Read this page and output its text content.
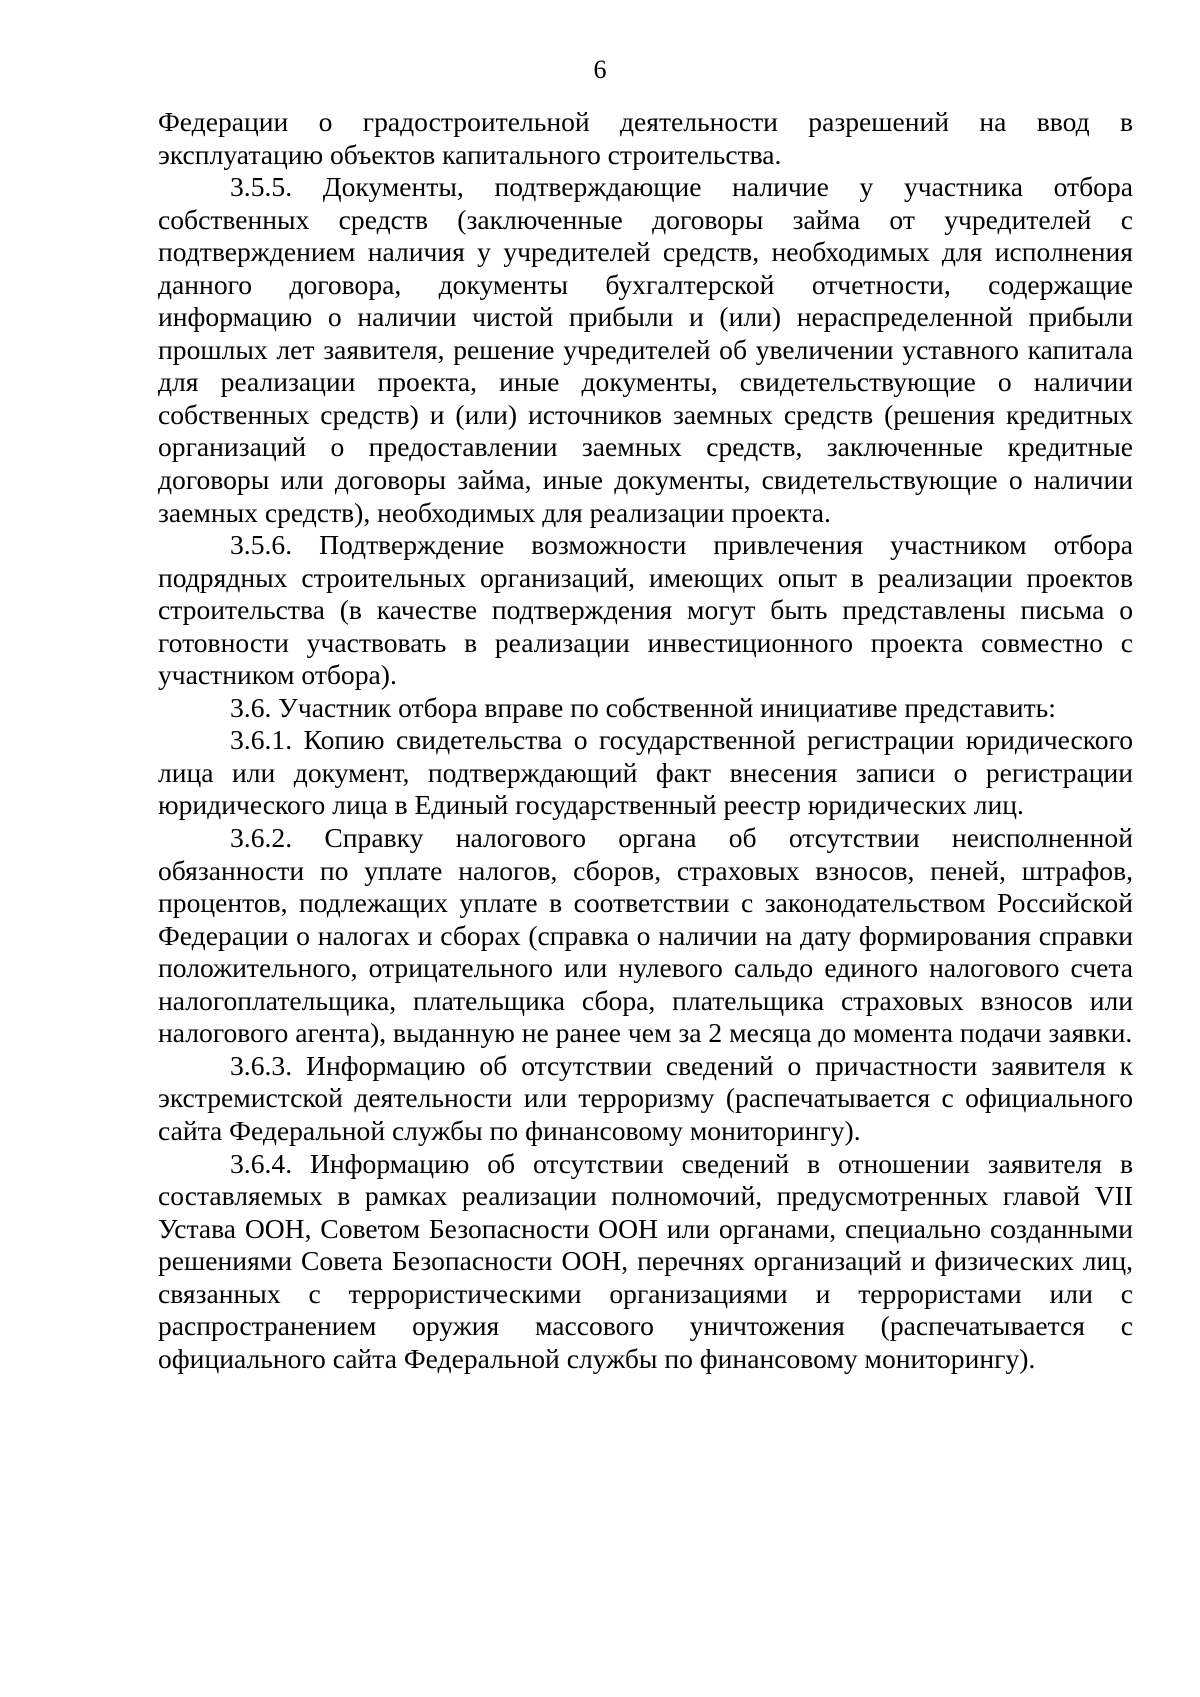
6

Федерации о градостроительной деятельности разрешений на ввод в эксплуатацию объектов капитального строительства.

3.5.5. Документы, подтверждающие наличие у участника отбора собственных средств (заключенные договоры займа от учредителей с подтверждением наличия у учредителей средств, необходимых для исполнения данного договора, документы бухгалтерской отчетности, содержащие информацию о наличии чистой прибыли и (или) нераспределенной прибыли прошлых лет заявителя, решение учредителей об увеличении уставного капитала для реализации проекта, иные документы, свидетельствующие о наличии собственных средств) и (или) источников заемных средств (решения кредитных организаций о предоставлении заемных средств, заключенные кредитные договоры или договоры займа, иные документы, свидетельствующие о наличии заемных средств), необходимых для реализации проекта.

3.5.6. Подтверждение возможности привлечения участником отбора подрядных строительных организаций, имеющих опыт в реализации проектов строительства (в качестве подтверждения могут быть представлены письма о готовности участвовать в реализации инвестиционного проекта совместно с участником отбора).

3.6. Участник отбора вправе по собственной инициативе представить:

3.6.1. Копию свидетельства о государственной регистрации юридического лица или документ, подтверждающий факт внесения записи о регистрации юридического лица в Единый государственный реестр юридических лиц.

3.6.2. Справку налогового органа об отсутствии неисполненной обязанности по уплате налогов, сборов, страховых взносов, пеней, штрафов, процентов, подлежащих уплате в соответствии с законодательством Российской Федерации о налогах и сборах (справка о наличии на дату формирования справки положительного, отрицательного или нулевого сальдо единого налогового счета налогоплательщика, плательщика сбора, плательщика страховых взносов или налогового агента), выданную не ранее чем за 2 месяца до момента подачи заявки.

3.6.3. Информацию об отсутствии сведений о причастности заявителя к экстремистской деятельности или терроризму (распечатывается с официального сайта Федеральной службы по финансовому мониторингу).

3.6.4. Информацию об отсутствии сведений в отношении заявителя в составляемых в рамках реализации полномочий, предусмотренных главой VII Устава ООН, Советом Безопасности ООН или органами, специально созданными решениями Совета Безопасности ООН, перечнях организаций и физических лиц, связанных с террористическими организациями и террористами или с распространением оружия массового уничтожения (распечатывается с официального сайта Федеральной службы по финансовому мониторингу).
